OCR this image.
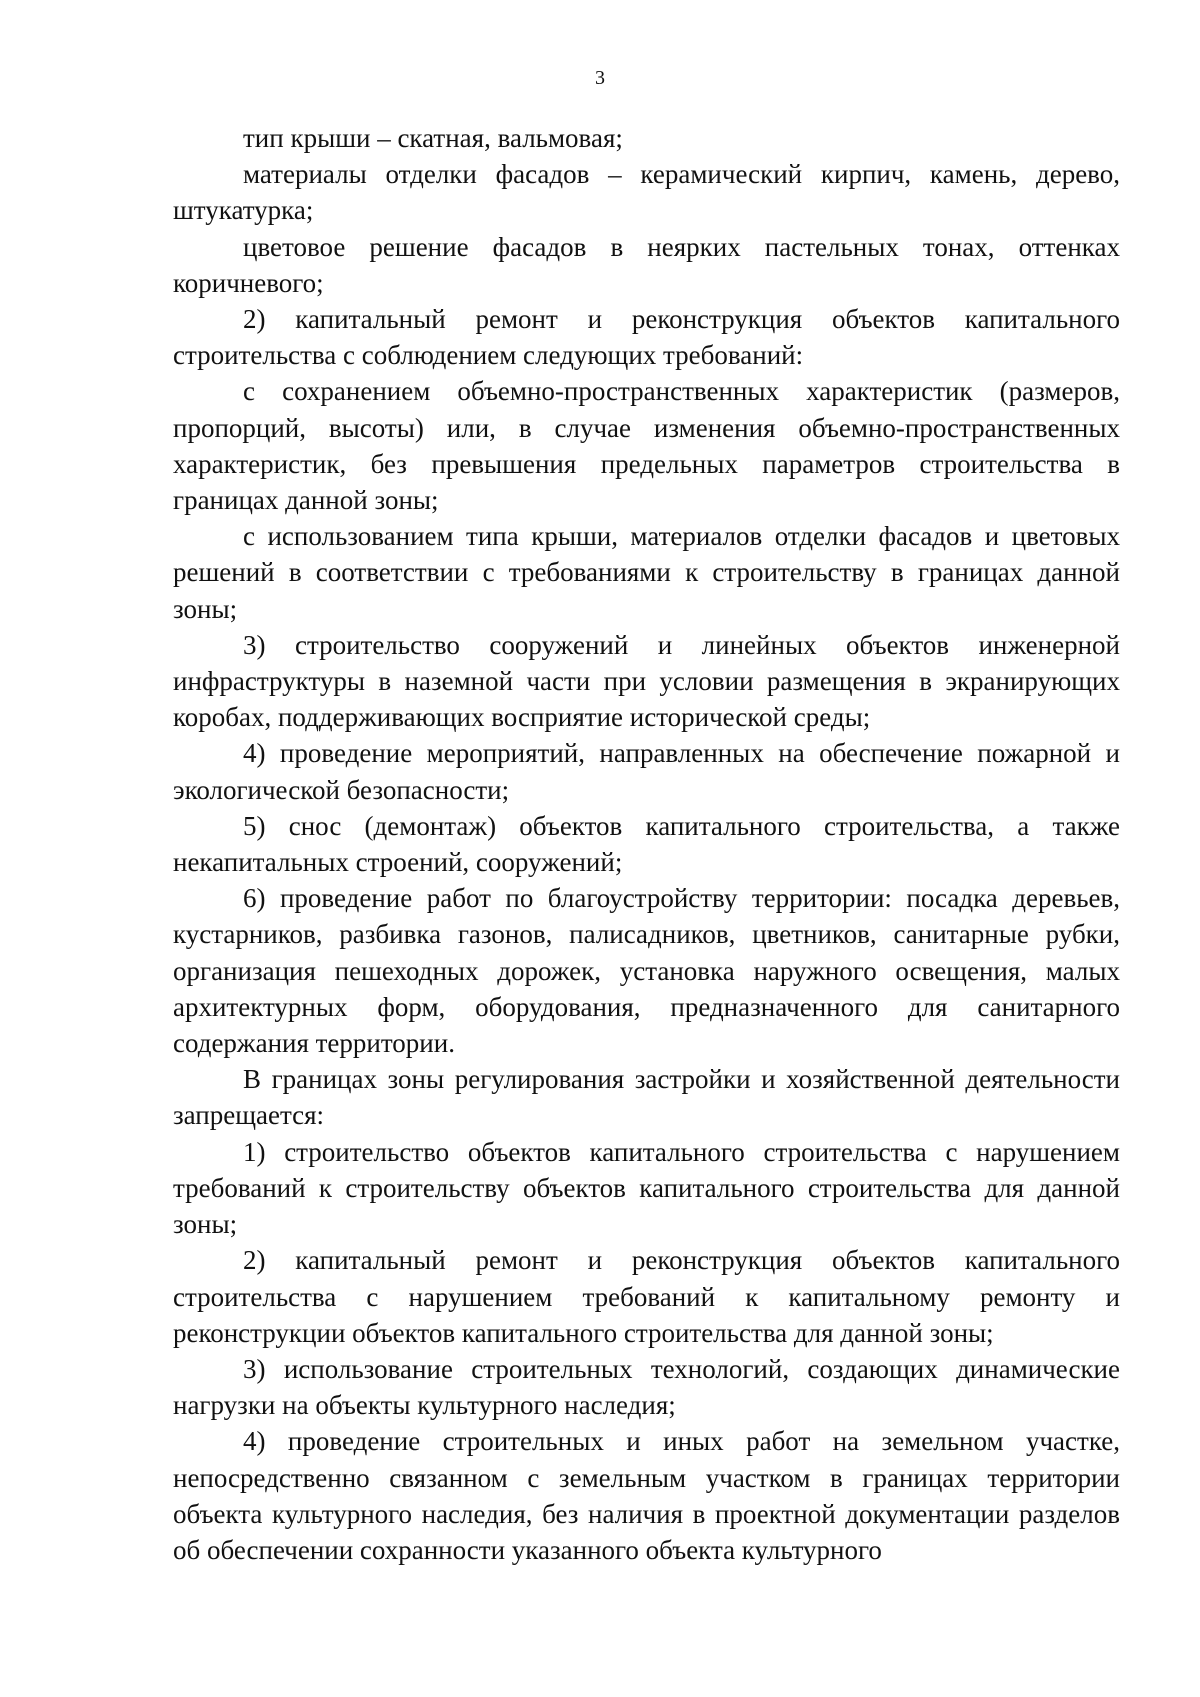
3

тип крыши – скатная, вальмовая;

материалы отделки фасадов – керамический кирпич, камень, дерево, штукатурка;

цветовое решение фасадов в неярких пастельных тонах, оттенках коричневого;

2) капитальный ремонт и реконструкция объектов капитального строительства с соблюдением следующих требований:

с сохранением объемно-пространственных характеристик (размеров, пропорций, высоты) или, в случае изменения объемно-пространственных характеристик, без превышения предельных параметров строительства в границах данной зоны;

с использованием типа крыши, материалов отделки фасадов и цветовых решений в соответствии с требованиями к строительству в границах данной зоны;

3) строительство сооружений и линейных объектов инженерной инфраструктуры в наземной части при условии размещения в экранирующих коробах, поддерживающих восприятие исторической среды;

4) проведение мероприятий, направленных на обеспечение пожарной и экологической безопасности;

5) снос (демонтаж) объектов капитального строительства, а также некапитальных строений, сооружений;

6) проведение работ по благоустройству территории: посадка деревьев, кустарников, разбивка газонов, палисадников, цветников, санитарные рубки, организация пешеходных дорожек, установка наружного освещения, малых архитектурных форм, оборудования, предназначенного для санитарного содержания территории.

В границах зоны регулирования застройки и хозяйственной деятельности запрещается:

1) строительство объектов капитального строительства с нарушением требований к строительству объектов капитального строительства для данной зоны;

2) капитальный ремонт и реконструкция объектов капитального строительства с нарушением требований к капитальному ремонту и реконструкции объектов капитального строительства для данной зоны;

3) использование строительных технологий, создающих динамические нагрузки на объекты культурного наследия;

4) проведение строительных и иных работ на земельном участке, непосредственно связанном с земельным участком в границах территории объекта культурного наследия, без наличия в проектной документации разделов об обеспечении сохранности указанного объекта культурного
